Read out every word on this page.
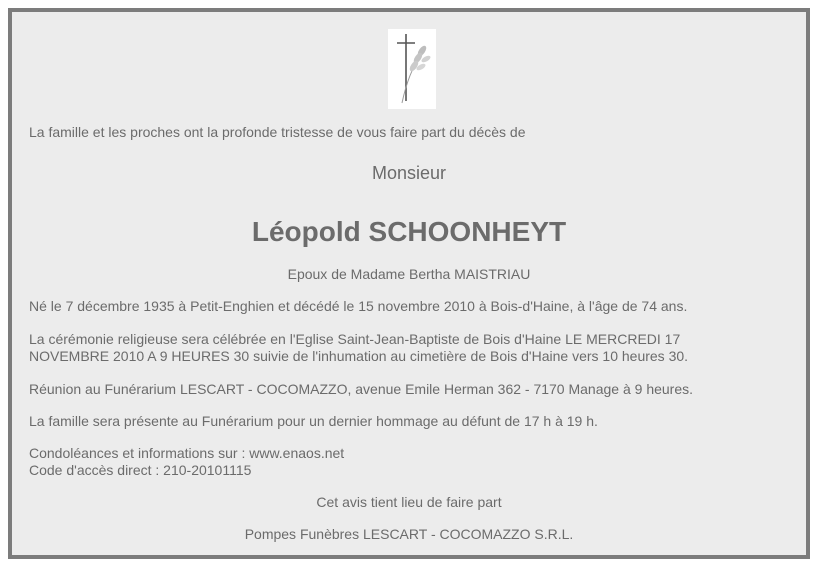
La famille et les proches ont la profonde tristesse de vous faire part du décès de
Monsieur
Léopold SCHOONHEYT
Epoux de Madame Bertha MAISTRIAU
Né le 7 décembre 1935 à Petit-Enghien et décédé le 15 novembre 2010 à Bois-d'Haine, à l'âge de 74 ans.
La cérémonie religieuse sera célébrée en l'Eglise Saint-Jean-Baptiste de Bois d'Haine LE MERCREDI 17
NOVEMBRE 2010 A 9 HEURES 30 suivie de l'inhumation au cimetière de Bois d'Haine vers 10 heures 30.
Réunion au Funérarium LESCART - COCOMAZZO, avenue Emile Herman 362 - 7170 Manage à 9 heures.
La famille sera présente au Funérarium pour un dernier hommage au défunt de 17 h à 19 h.
Condoléances et informations sur : www.enaos.net
Code d'accès direct : 210-20101115
Cet avis tient lieu de faire part
Pompes Funèbres LESCART - COCOMAZZO S.R.L.
